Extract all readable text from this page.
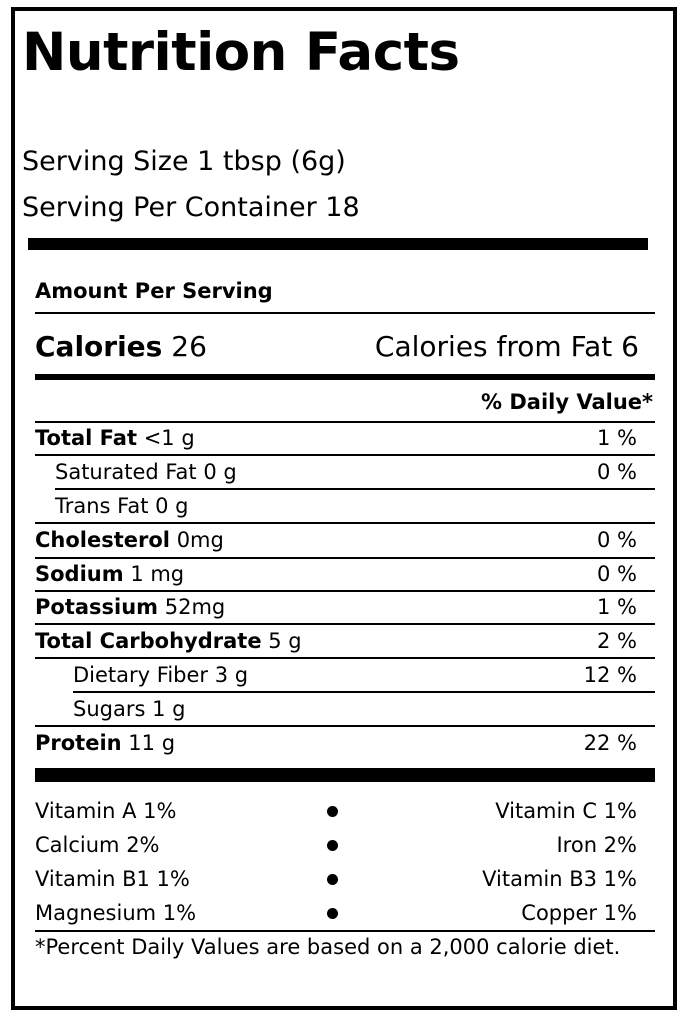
Nutrition Facts
Serving Size 1 tbsp (6g)
Serving Per Container 18
Amount Per Serving
Calories 26	Calories from Fat 6
% Daily Value*
Total Fat <1 g	1 %
Saturated Fat 0 g	0 %
Trans Fat 0 g
Cholesterol 0mg	0 %
Sodium 1 mg	0 %
Potassium 52mg	1 %
Total Carbohydrate 5 g	2 %
Dietary Fiber 3 g	12 %
Sugars 1 g
Protein 11 g	22 %
Vitamin A 1%	Vitamin C 1%
Calcium 2%	Iron 2%
Vitamin B1 1%	Vitamin B3 1%
Magnesium 1%	Copper 1%
*Percent Daily Values are based on a 2,000 calorie diet.
